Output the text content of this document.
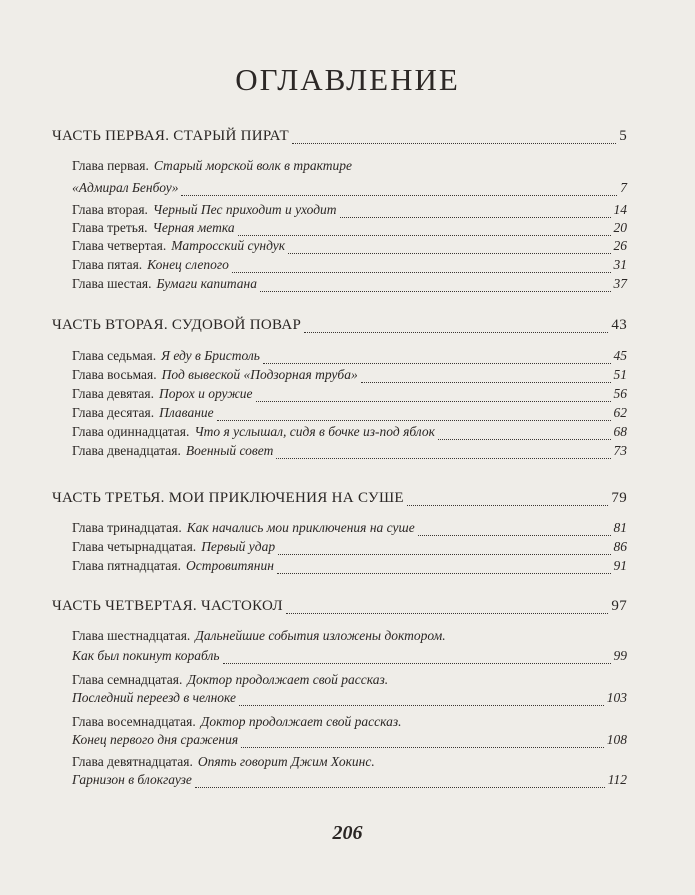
ОГЛАВЛЕНИЕ
ЧАСТЬ ПЕРВАЯ. СТАРЫЙ ПИРАТ	5
Глава первая. Старый морской волк в трактире
«Адмирал Бенбоу»	7
Глава вторая. Черный Пес приходит и уходит	14
Глава третья. Черная метка	20
Глава четвертая. Матросский сундук	26
Глава пятая. Конец слепого	31
Глава шестая. Бумаги капитана	37
ЧАСТЬ ВТОРАЯ. СУДОВОЙ ПОВАР	43
Глава седьмая. Я еду в Бристоль	45
Глава восьмая. Под вывеской «Подзорная труба»	51
Глава девятая. Порох и оружие	56
Глава десятая. Плавание	62
Глава одиннадцатая. Что я услышал, сидя в бочке из-под яблок	68
Глава двенадцатая. Военный совет	73
ЧАСТЬ ТРЕТЬЯ. МОИ ПРИКЛЮЧЕНИЯ НА СУШЕ	79
Глава тринадцатая. Как начались мои приключения на суше	81
Глава четырнадцатая. Первый удар	86
Глава пятнадцатая. Островитянин	91
ЧАСТЬ ЧЕТВЕРТАЯ. ЧАСТОКОЛ	97
Глава шестнадцатая. Дальнейшие события изложены доктором.
Как был покинут корабль	99
Глава семнадцатая. Доктор продолжает свой рассказ.
Последний переезд в челноке	103
Глава восемнадцатая. Доктор продолжает свой рассказ.
Конец первого дня сражения	108
Глава девятнадцатая. Опять говорит Джим Хокинс.
Гарнизон в блокгаузе	112
206
